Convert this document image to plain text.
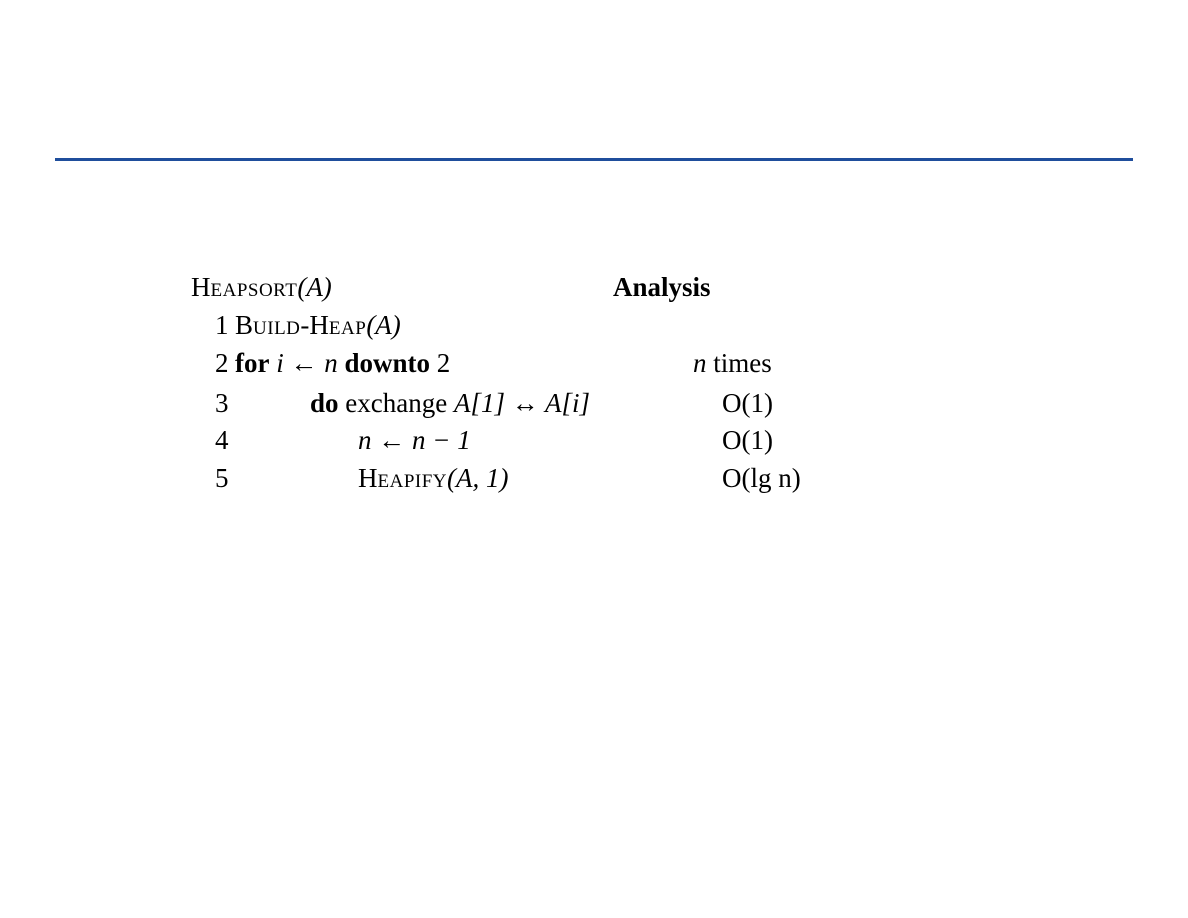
HEAPSORT(A)	Analysis
1 BUILD-HEAP(A)
2 for i ← n downto 2	n times
3	do exchange A[1] ↔ A[i]	O(1)
4	n ← n − 1	O(1)
5	HEAPIFY(A, 1)	O(lg n)
